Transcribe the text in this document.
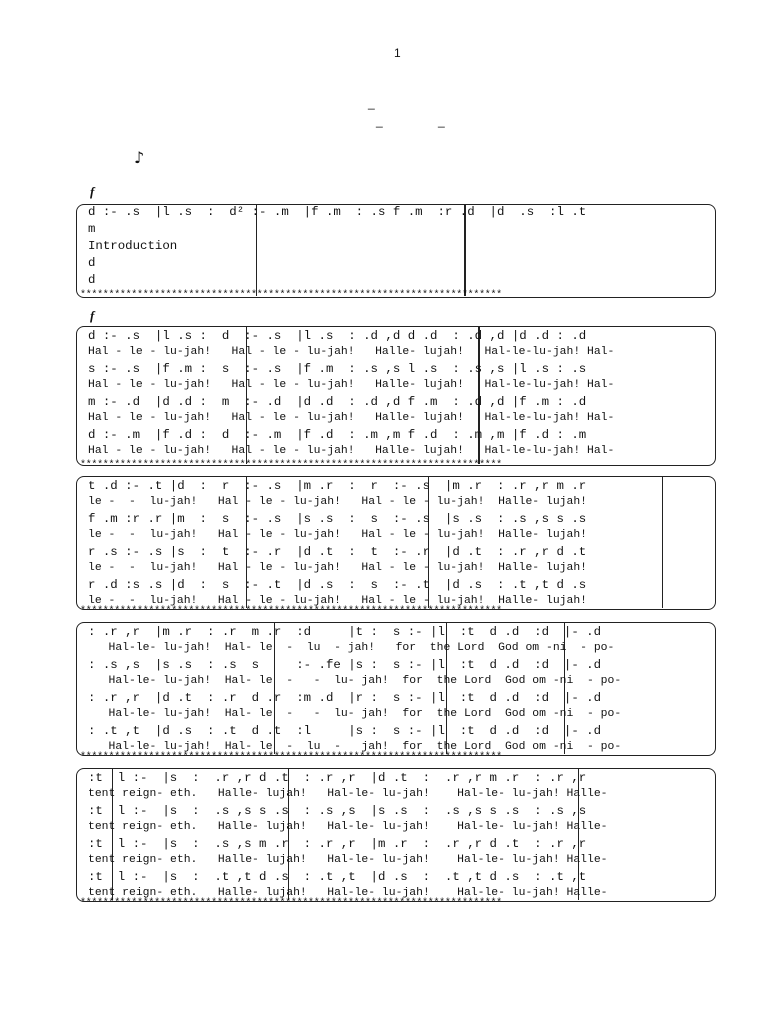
1
_
_	_
♪
f
d :- .s  |l .s  :  d² :- .m  |f .m  : .s f .m  :r .d  |d  .s  :l .t
m
Introduction
d
d
**************************************************************************
f
d :- .s  |l .s :  d  :- .s  |l .s  : .d ,d d .d  : .d ,d |d .d : .d
Hal - le - lu-jah!   Hal - le - lu-jah!   Halle- lujah!   Hal-le-lu-jah! Hal-
s :- .s  |f .m :  s  :- .s  |f .m  : .s ,s l .s  : .s ,s |l .s : .s
Hal - le - lu-jah!   Hal - le - lu-jah!   Halle- lujah!   Hal-le-lu-jah! Hal-
m :- .d  |d .d :  m  :- .d  |d .d  : .d ,d f .m  : .d ,d |f .m : .d
Hal - le - lu-jah!   Hal - le - lu-jah!   Halle- lujah!   Hal-le-lu-jah! Hal-
d :- .m  |f .d :  d  :- .m  |f .d  : .m ,m f .d  : .m ,m |f .d : .m
Hal - le - lu-jah!   Hal - le - lu-jah!   Halle- lujah!   Hal-le-lu-jah! Hal-
**************************************************************************
t .d :- .t |d  :  r  :- .s  |m .r  :  r  :- .s  |m .r  : .r ,r m .r
le -  -  lu-jah!   Hal - le - lu-jah!   Hal - le - lu-jah!  Halle- lujah!
f .m :r .r |m  :  s  :- .s  |s .s  :  s  :- .s  |s .s  : .s ,s s .s
le -  -  lu-jah!   Hal - le - lu-jah!   Hal - le - lu-jah!  Halle- lujah!
r .s :- .s |s  :  t  :- .r  |d .t  :  t  :- .r  |d .t  : .r ,r d .t
le -  -  lu-jah!   Hal - le - lu-jah!   Hal - le - lu-jah!  Halle- lujah!
r .d :s .s |d  :  s  :- .t  |d .s  :  s  :- .t  |d .s  : .t ,t d .s
le -  -  lu-jah!   Hal - le - lu-jah!   Hal - le - lu-jah!  Halle- lujah!
**************************************************************************
: .r ,r  |m .r  : .r  m .r  :d     |t :  s :- |l  :t  d .d  :d  |- .d
Hal-le- lu-jah!  Hal- le  -  lu  - jah!   for  the Lord  God om -ni  - po-
: .s ,s  |s .s  : .s  s     :- .fe |s :  s :- |l  :t  d .d  :d  |- .d
Hal-le- lu-jah!  Hal- le  -   -  lu- jah!  for  the Lord  God om -ni  - po-
: .r ,r  |d .t  : .r  d .r  :m .d  |r :  s :- |l  :t  d .d  :d  |- .d
Hal-le- lu-jah!  Hal- le  -   -  lu- jah!  for  the Lord  God om -ni  - po-
: .t ,t  |d .s  : .t  d .t  :l     |s :  s :- |l  :t  d .d  :d  |- .d
Hal-le- lu-jah!  Hal- le  -  lu  -   jah!  for  the Lord  God om -ni  - po-
**************************************************************************
:t  l :-  |s  :  .r ,r d .t  : .r ,r  |d .t  :  .r ,r m .r  : .r ,r
tent reign- eth.   Halle- lujah!   Hal-le- lu-jah!    Hal-le- lu-jah! Halle-
:t  l :-  |s  :  .s ,s s .s  : .s ,s  |s .s  :  .s ,s s .s  : .s ,s
tent reign- eth.   Halle- lujah!   Hal-le- lu-jah!    Hal-le- lu-jah! Halle-
:t  l :-  |s  :  .s ,s m .r  : .r ,r  |m .r  :  .r ,r d .t  : .r ,r
tent reign- eth.   Halle- lujah!   Hal-le- lu-jah!    Hal-le- lu-jah! Halle-
:t  l :-  |s  :  .t ,t d .s  : .t ,t  |d .s  :  .t ,t d .s  : .t ,t
tent reign- eth.   Halle- lujah!   Hal-le- lu-jah!    Hal-le- lu-jah! Halle-
**************************************************************************
